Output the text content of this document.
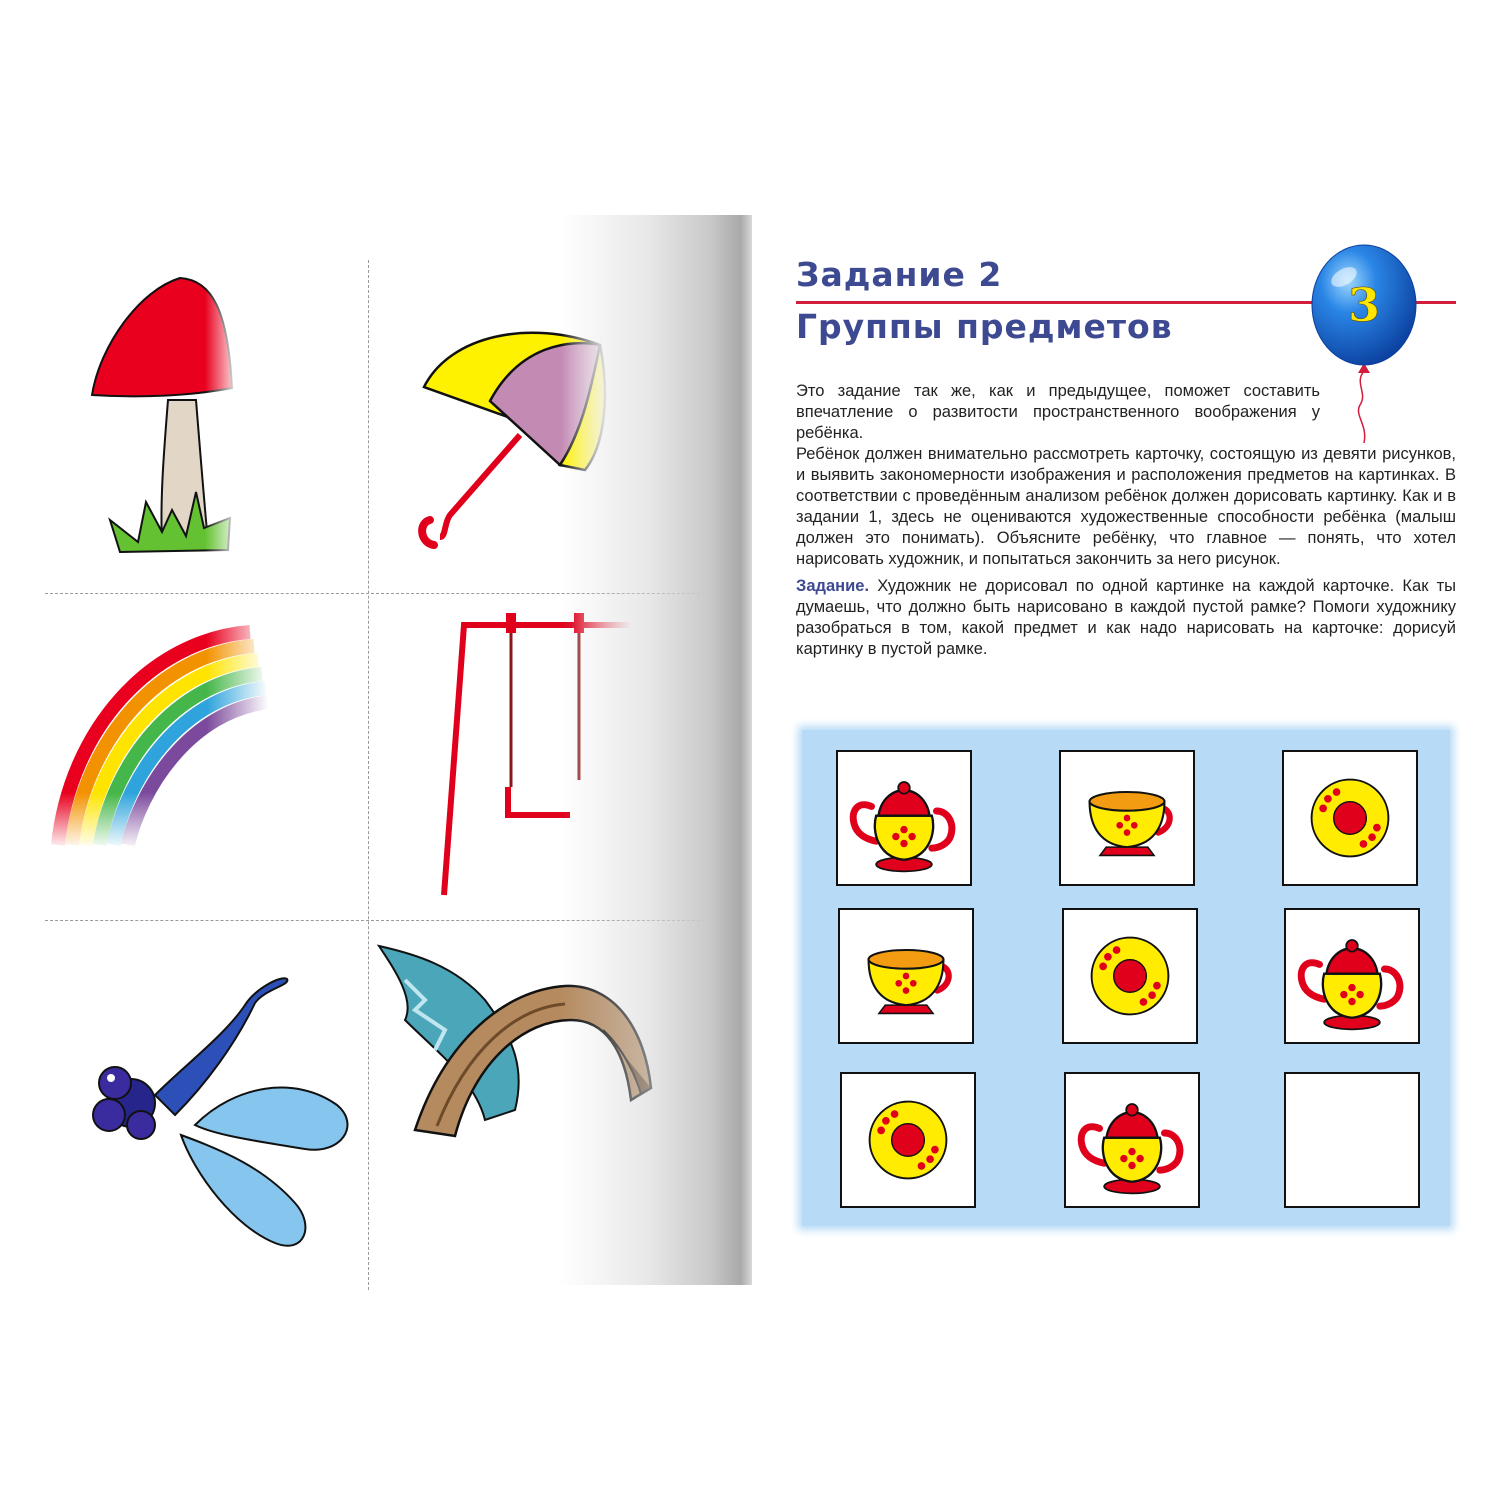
Задание 2
Группы предметов	3

Это задание так же, как и предыдущее, поможет составить впечатление о развитости пространственного воображения у ребёнка.

Ребёнок должен внимательно рассмотреть карточку, состоящую из девяти рисунков, и выявить закономерности изображения и расположения предметов на картинках. В соответствии с проведённым анализом ребёнок должен дорисовать картинку. Как и в задании 1, здесь не оцениваются художественные способности ребёнка (малыш должен это понимать). Объясните ребёнку, что главное — понять, что хотел нарисовать художник, и попытаться закончить за него рисунок.

Задание. Художник не дорисовал по одной картинке на каждой карточке. Как ты думаешь, что должно быть нарисовано в каждой пустой рамке? Помоги художнику разобраться в том, какой предмет и как надо нарисовать на карточке: дорисуй картинку в пустой рамке.
